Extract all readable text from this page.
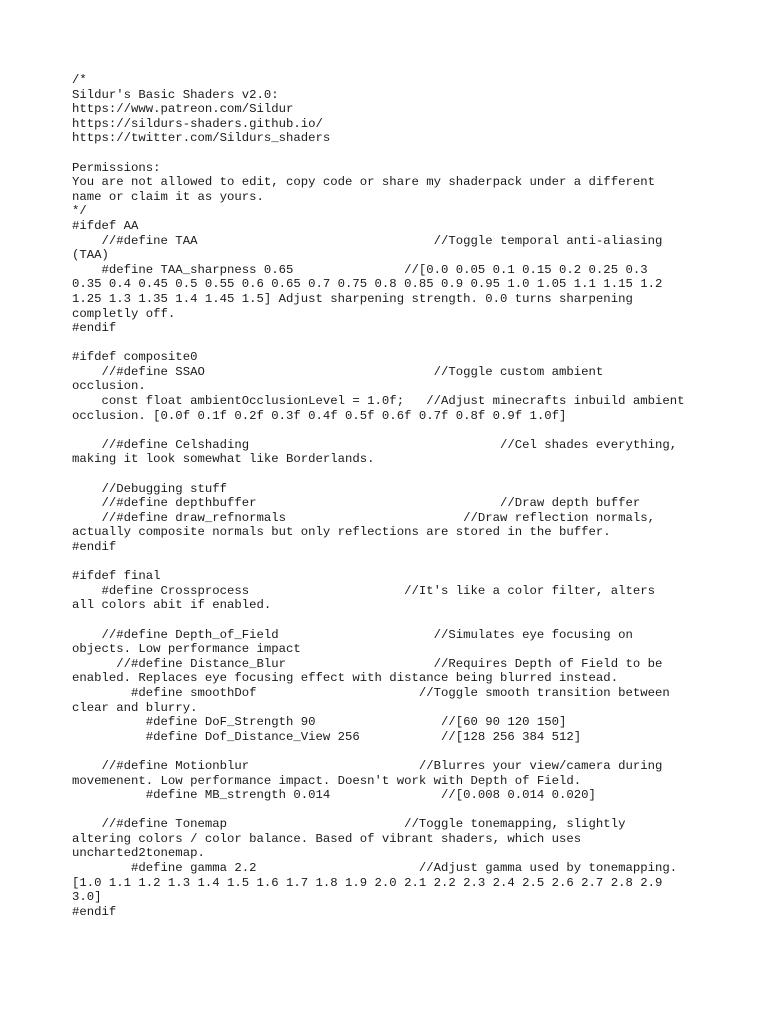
/*
Sildur's Basic Shaders v2.0:
https://www.patreon.com/Sildur
https://sildurs-shaders.github.io/
https://twitter.com/Sildurs_shaders
Permissions:
You are not allowed to edit, copy code or share my shaderpack under a different
name or claim it as yours.
*/
#ifdef AA
//#define TAA                                //Toggle temporal anti-aliasing
(TAA)
#define TAA_sharpness 0.65               //[0.0 0.05 0.1 0.15 0.2 0.25 0.3
0.35 0.4 0.45 0.5 0.55 0.6 0.65 0.7 0.75 0.8 0.85 0.9 0.95 1.0 1.05 1.1 1.15 1.2
1.25 1.3 1.35 1.4 1.45 1.5] Adjust sharpening strength. 0.0 turns sharpening
completly off.
#endif
#ifdef composite0
//#define SSAO                               //Toggle custom ambient
occlusion.
const float ambientOcclusionLevel = 1.0f;   //Adjust minecrafts inbuild ambient
occlusion. [0.0f 0.1f 0.2f 0.3f 0.4f 0.5f 0.6f 0.7f 0.8f 0.9f 1.0f]
//#define Celshading                                  //Cel shades everything,
making it look somewhat like Borderlands.
//Debugging stuff
//#define depthbuffer                                 //Draw depth buffer
//#define draw_refnormals                        //Draw reflection normals,
actually composite normals but only reflections are stored in the buffer.
#endif
#ifdef final
#define Crossprocess                     //It's like a color filter, alters
all colors abit if enabled.
//#define Depth_of_Field                     //Simulates eye focusing on
objects. Low performance impact
//#define Distance_Blur                    //Requires Depth of Field to be
enabled. Replaces eye focusing effect with distance being blurred instead.
#define smoothDof                      //Toggle smooth transition between
clear and blurry.
#define DoF_Strength 90                 //[60 90 120 150]
#define Dof_Distance_View 256           //[128 256 384 512]
//#define Motionblur                       //Blurres your view/camera during
movemenent. Low performance impact. Doesn't work with Depth of Field.
#define MB_strength 0.014               //[0.008 0.014 0.020]
//#define Tonemap                        //Toggle tonemapping, slightly
altering colors / color balance. Based of vibrant shaders, which uses
uncharted2tonemap.
#define gamma 2.2                      //Adjust gamma used by tonemapping.
[1.0 1.1 1.2 1.3 1.4 1.5 1.6 1.7 1.8 1.9 2.0 2.1 2.2 2.3 2.4 2.5 2.6 2.7 2.8 2.9
3.0]
#endif
